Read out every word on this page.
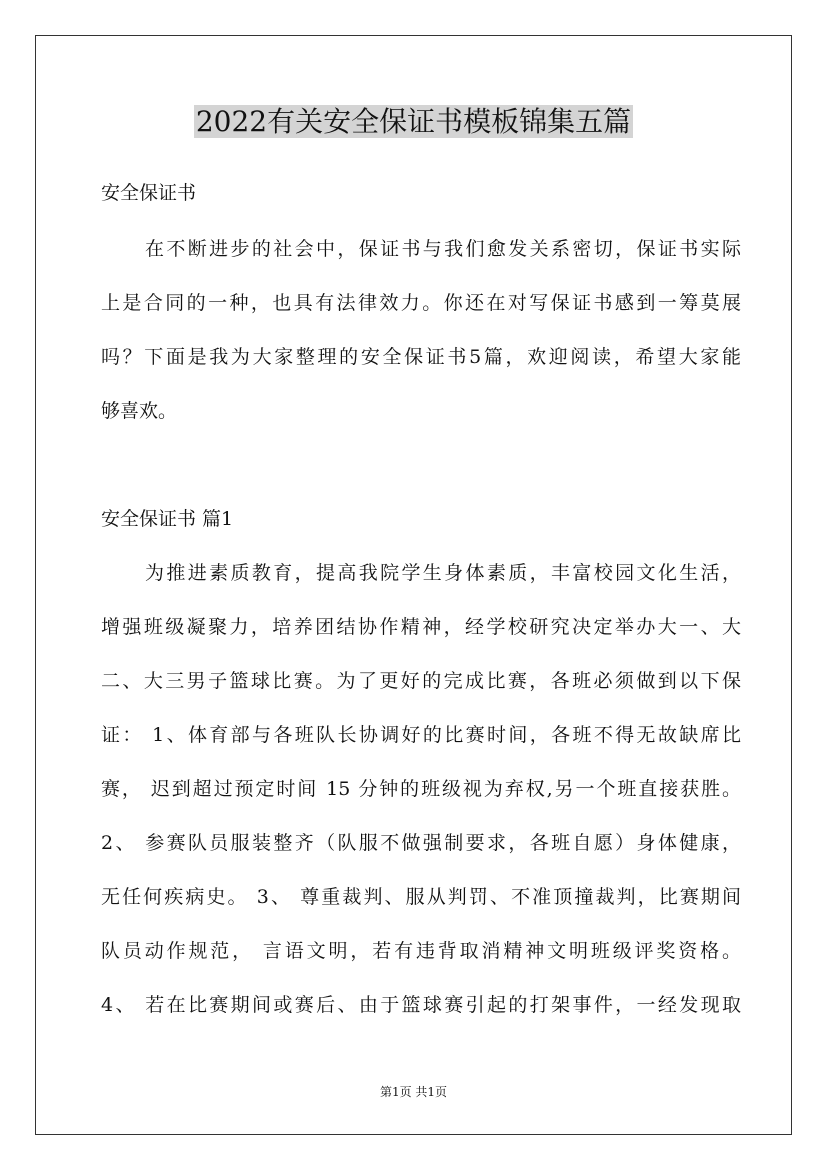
2022有关安全保证书模板锦集五篇
安全保证书
在不断进步的社会中，保证书与我们愈发关系密切，保证书实际
上是合同的一种，也具有法律效力。你还在对写保证书感到一筹莫展
吗？下面是我为大家整理的安全保证书5篇，欢迎阅读，希望大家能
够喜欢。
安全保证书 篇1
为推进素质教育，提高我院学生身体素质，丰富校园文化生活，
增强班级凝聚力，培养团结协作精神，经学校研究决定举办大一、大
二、大三男子篮球比赛。为了更好的完成比赛，各班必须做到以下保
证： 1、体育部与各班队长协调好的比赛时间，各班不得无故缺席比
赛， 迟到超过预定时间 15 分钟的班级视为弃权,另一个班直接获胜。
2、 参赛队员服装整齐（队服不做强制要求，各班自愿）身体健康，
无任何疾病史。 3、 尊重裁判、服从判罚、不准顶撞裁判，比赛期间
队员动作规范， 言语文明，若有违背取消精神文明班级评奖资格。
4、 若在比赛期间或赛后、由于篮球赛引起的打架事件，一经发现取
第1页 共1页
